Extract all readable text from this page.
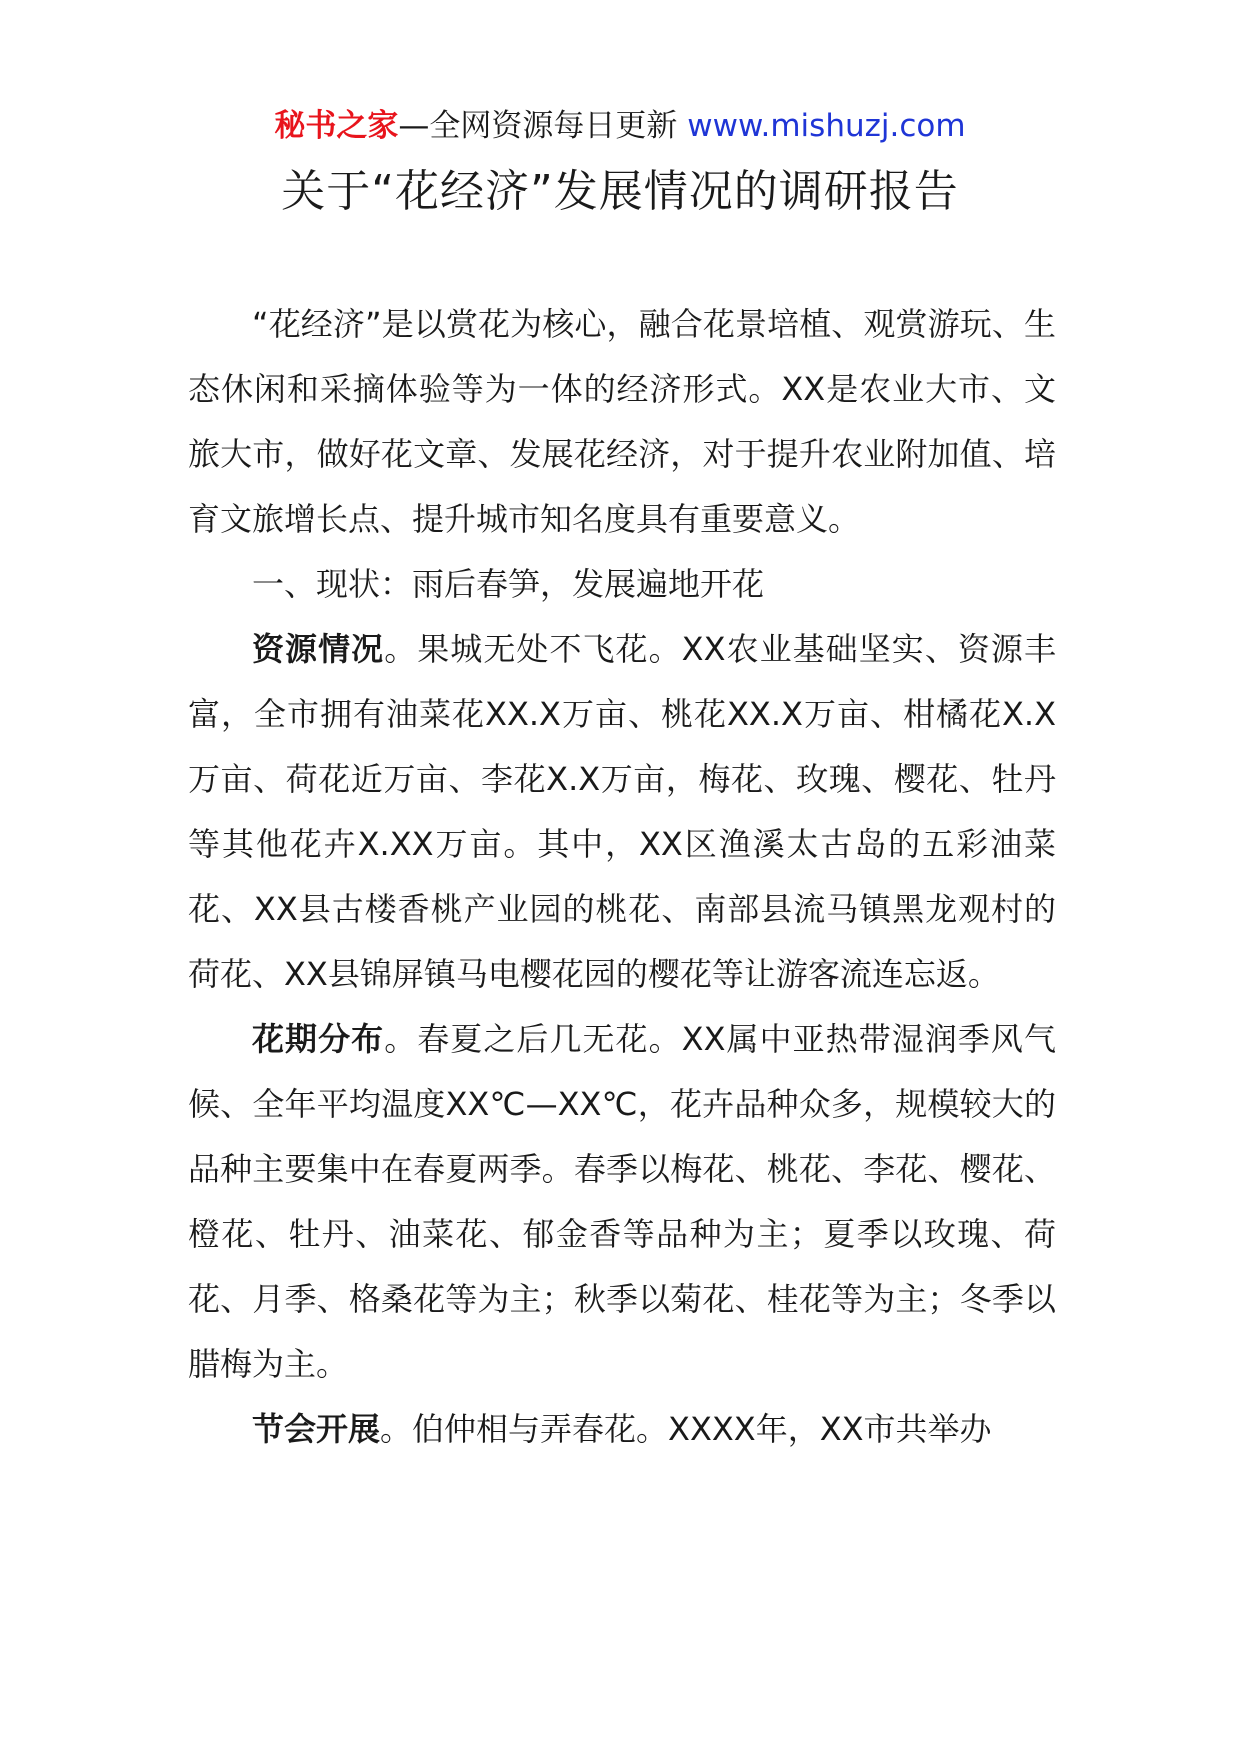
秘书之家—全网资源每日更新 www.mishuzj.com
关于“花经济”发展情况的调研报告

“花经济”是以赏花为核心，融合花景培植、观赏游玩、生态休闲和采摘体验等为一体的经济形式。XX是农业大市、文旅大市，做好花文章、发展花经济，对于提升农业附加值、培育文旅增长点、提升城市知名度具有重要意义。

一、现状：雨后春笋，发展遍地开花

资源情况。果城无处不飞花。XX农业基础坚实、资源丰富，全市拥有油菜花XX.X万亩、桃花XX.X万亩、柑橘花X.X万亩、荷花近万亩、李花X.X万亩，梅花、玫瑰、樱花、牡丹等其他花卉X.XX万亩。其中，XX区渔溪太古岛的五彩油菜花、XX县古楼香桃产业园的桃花、南部县流马镇黑龙观村的荷花、XX县锦屏镇马电樱花园的樱花等让游客流连忘返。

花期分布。春夏之后几无花。XX属中亚热带湿润季风气候、全年平均温度XX℃—XX℃，花卉品种众多，规模较大的品种主要集中在春夏两季。春季以梅花、桃花、李花、樱花、橙花、牡丹、油菜花、郁金香等品种为主；夏季以玫瑰、荷花、月季、格桑花等为主；秋季以菊花、桂花等为主；冬季以腊梅为主。

节会开展。伯仲相与弄春花。XXXX年，XX市共举办
